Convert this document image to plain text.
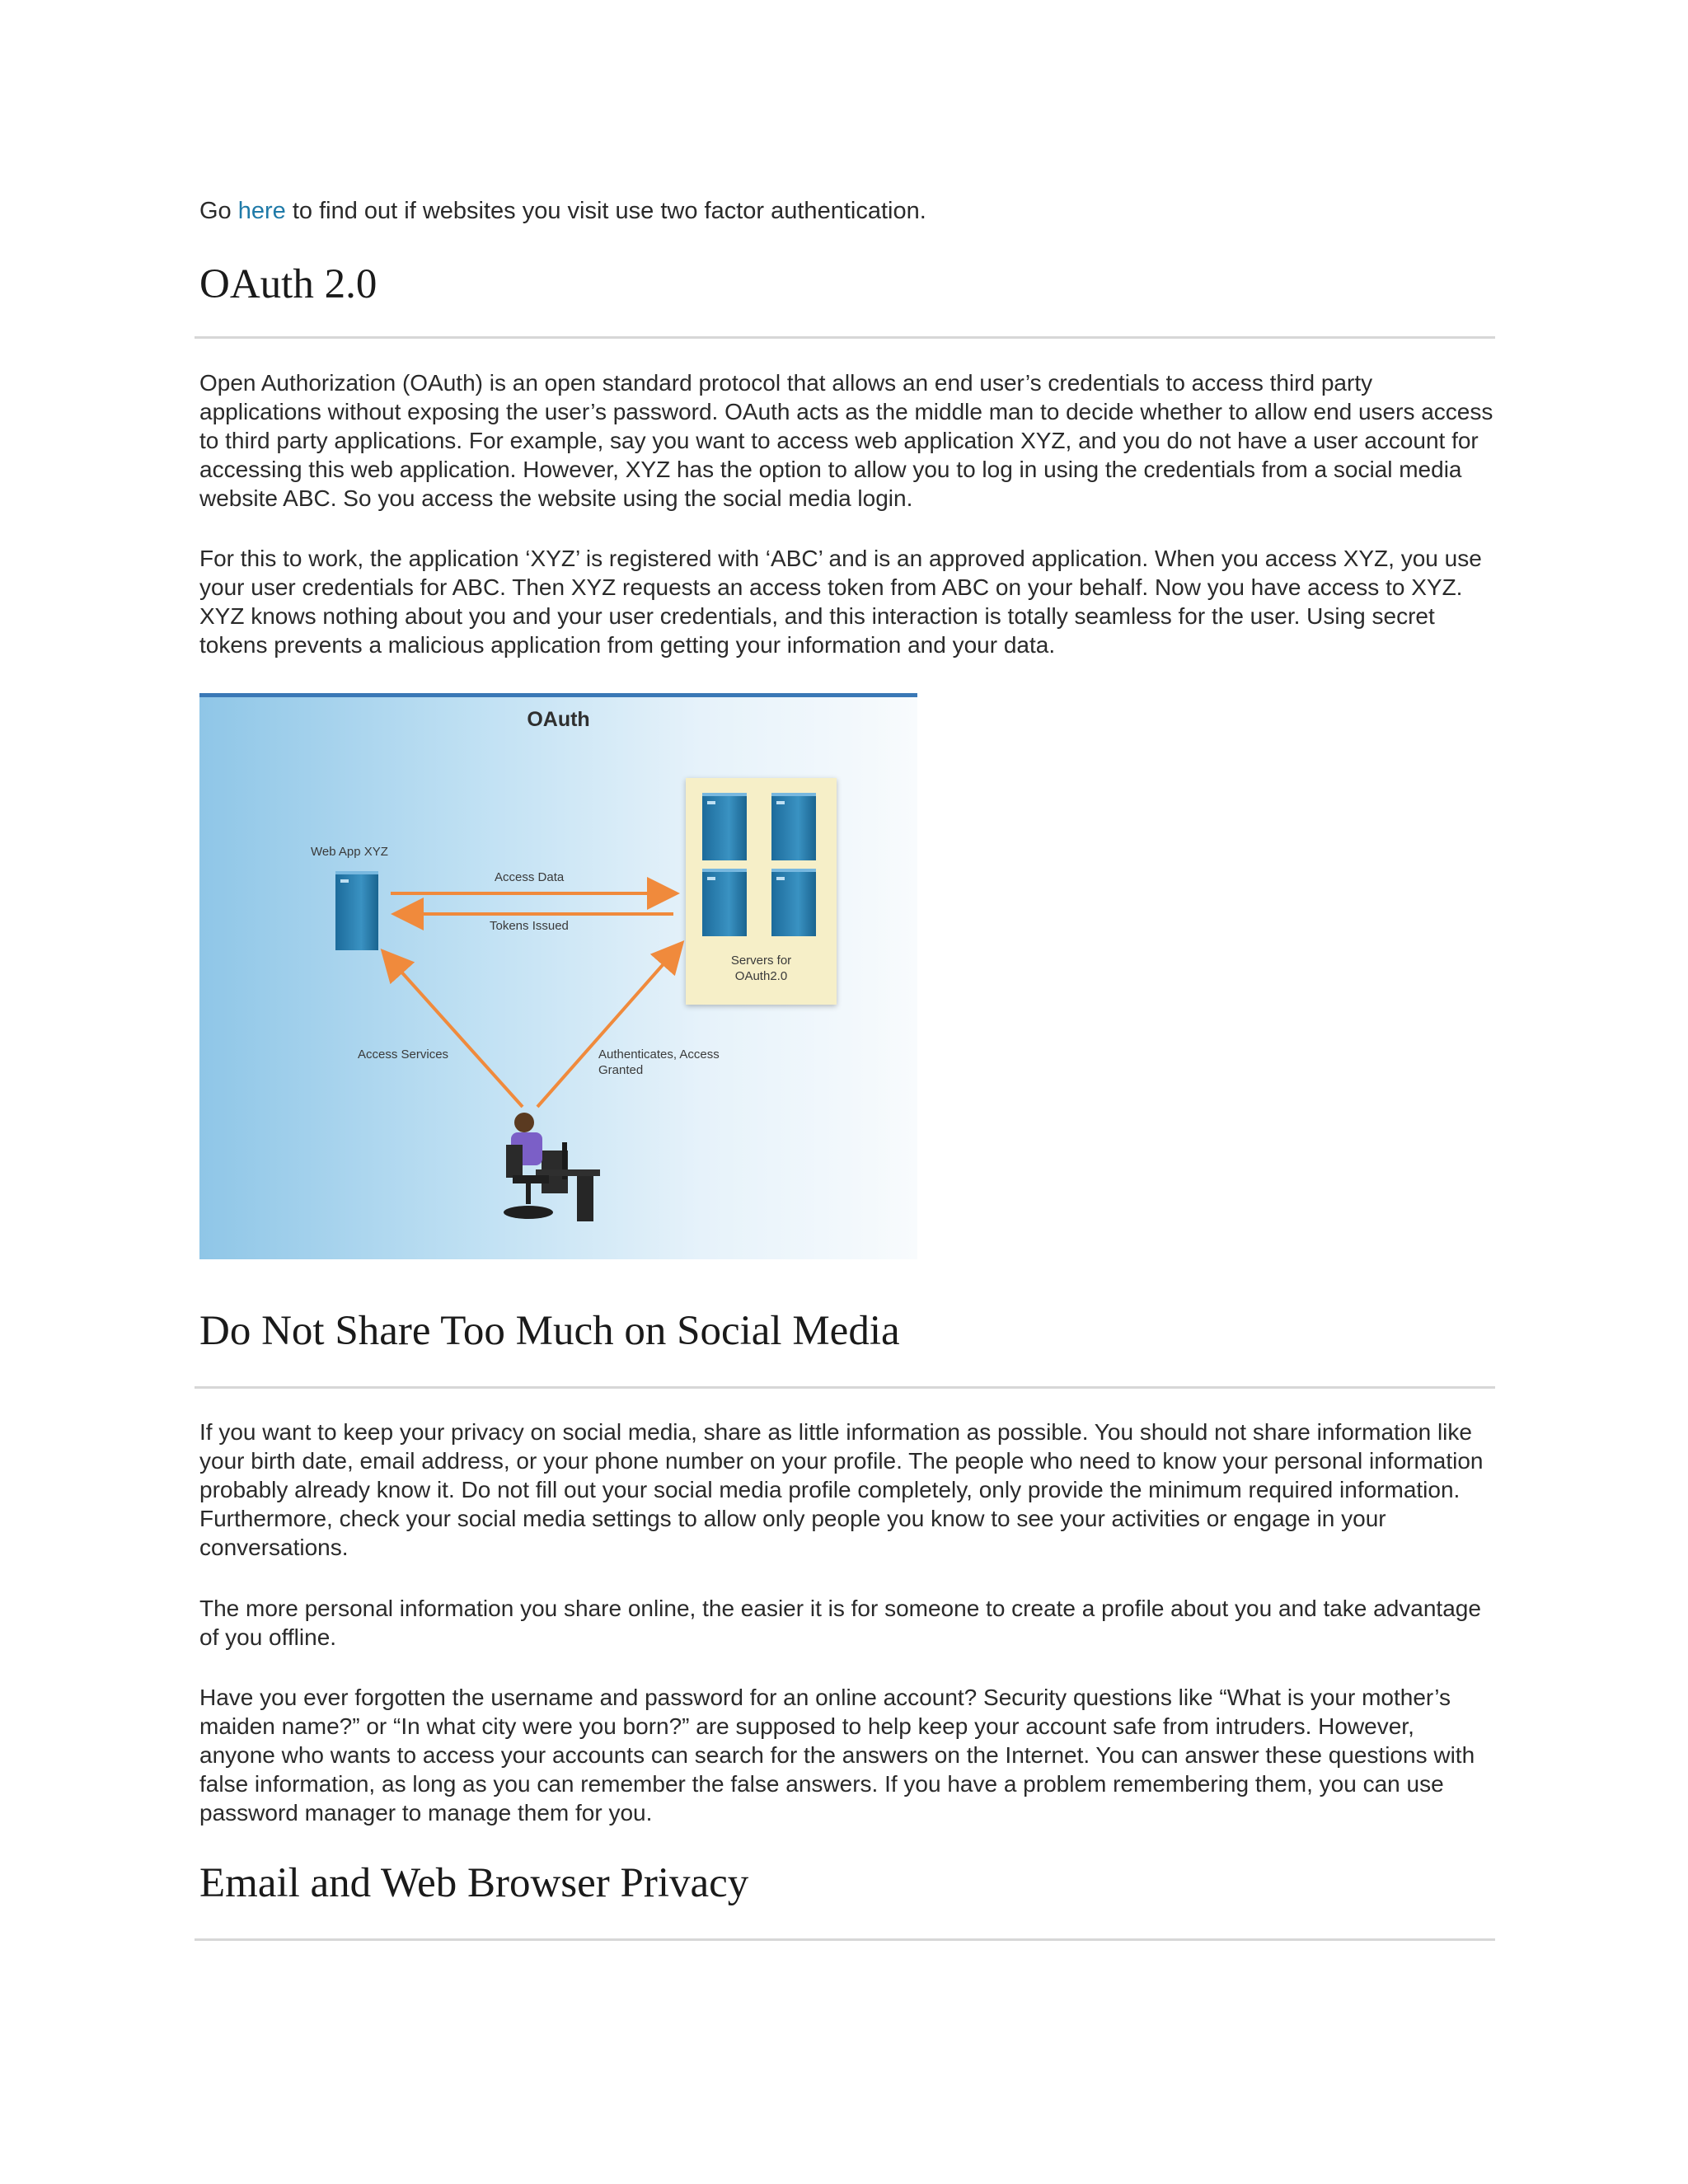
Go here to find out if websites you visit use two factor authentication.
OAuth 2.0

Open Authorization (OAuth) is an open standard protocol that allows an end user’s credentials to access third party applications without exposing the user’s password. OAuth acts as the middle man to decide whether to allow end users access to third party applications. For example, say you want to access web application XYZ, and you do not have a user account for accessing this web application. However, XYZ has the option to allow you to log in using the credentials from a social media website ABC. So you access the website using the social media login.

For this to work, the application ‘XYZ’ is registered with ‘ABC’ and is an approved application. When you access XYZ, you use your user credentials for ABC. Then XYZ requests an access token from ABC on your behalf. Now you have access to XYZ. XYZ knows nothing about you and your user credentials, and this interaction is totally seamless for the user. Using secret tokens prevents a malicious application from getting your information and your data.

OAuth
Web App XYZ
Access Data
Tokens Issued
Servers for
OAuth2.0
Access Services	Authenticates, Access
Granted
Do Not Share Too Much on Social Media

If you want to keep your privacy on social media, share as little information as possible. You should not share information like your birth date, email address, or your phone number on your profile. The people who need to know your personal information probably already know it. Do not fill out your social media profile completely, only provide the minimum required information. Furthermore, check your social media settings to allow only people you know to see your activities or engage in your conversations.

The more personal information you share online, the easier it is for someone to create a profile about you and take advantage of you offline.

Have you ever forgotten the username and password for an online account? Security questions like “What is your mother’s maiden name?” or “In what city were you born?” are supposed to help keep your account safe from intruders. However, anyone who wants to access your accounts can search for the answers on the Internet. You can answer these questions with false information, as long as you can remember the false answers. If you have a problem remembering them, you can use password manager to manage them for you.

Email and Web Browser Privacy
